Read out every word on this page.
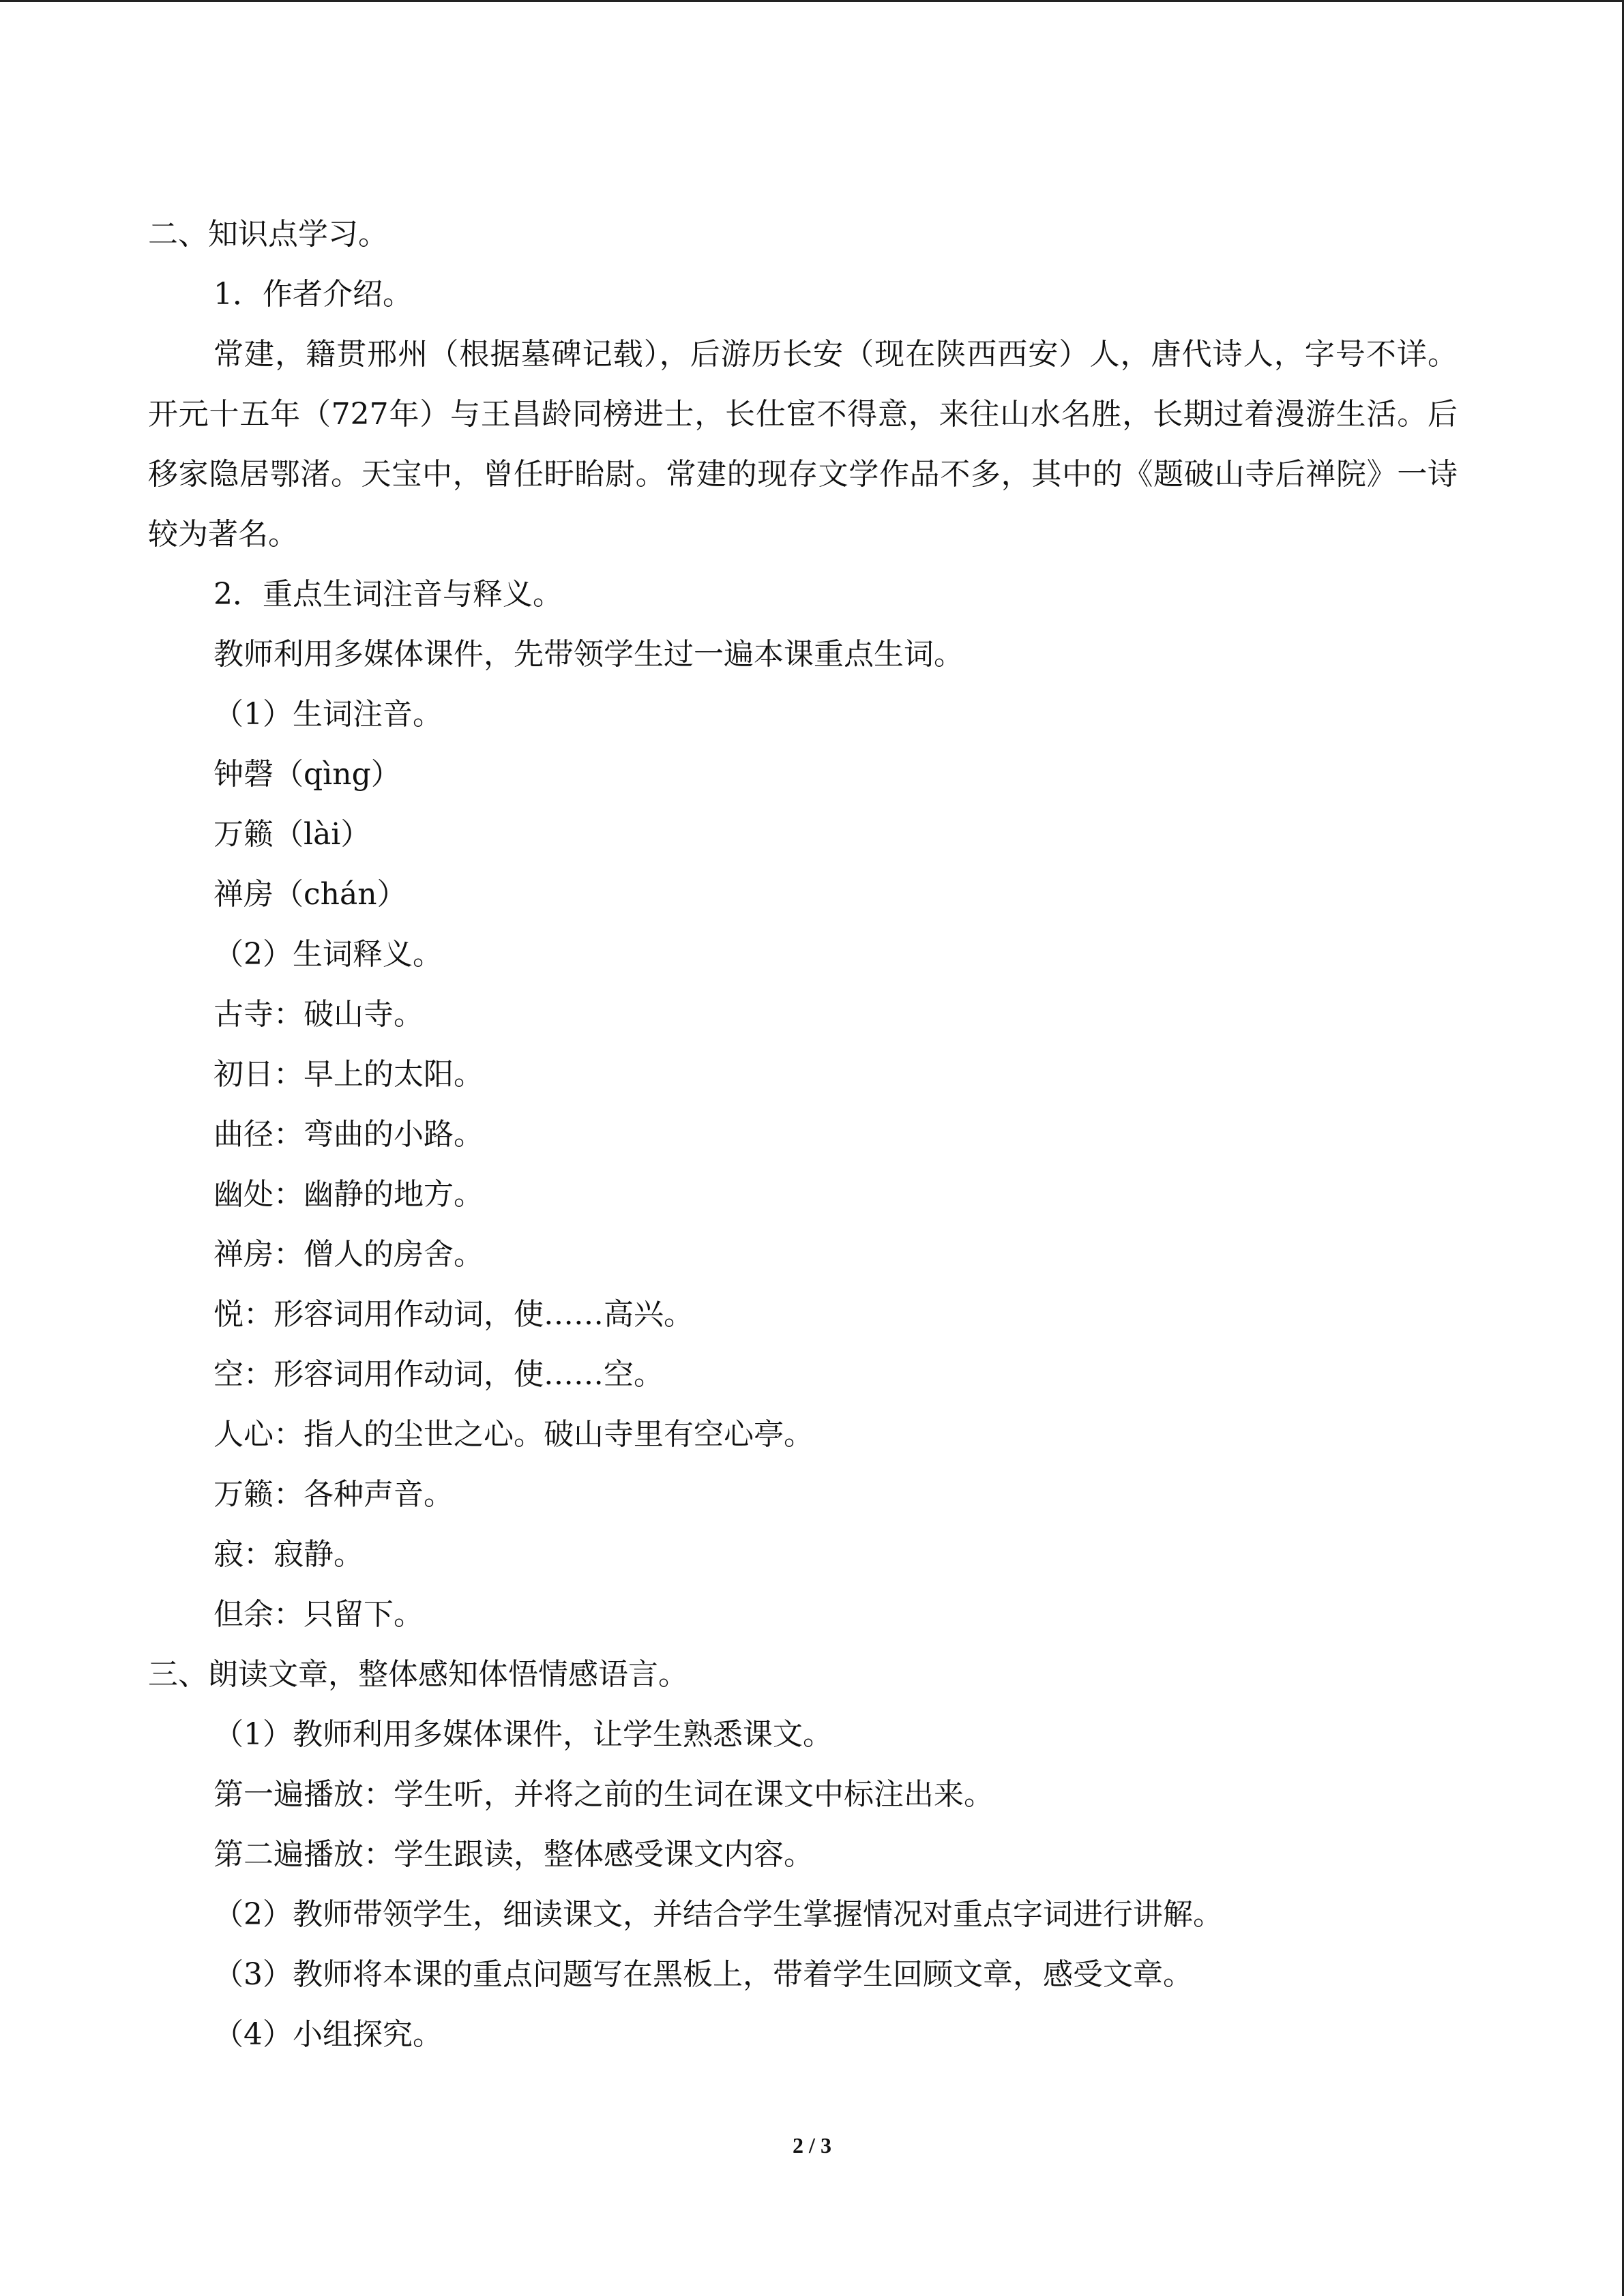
二、知识点学习。

1．作者介绍。

常建，籍贯邢州（根据墓碑记载），后游历长安（现在陕西西安）人，唐代诗人，字号不详。开元十五年（727年）与王昌龄同榜进士，长仕宦不得意，来往山水名胜，长期过着漫游生活。后移家隐居鄂渚。天宝中，曾任盱眙尉。常建的现存文学作品不多，其中的《题破山寺后禅院》一诗较为著名。

2．重点生词注音与释义。

教师利用多媒体课件，先带领学生过一遍本课重点生词。

（1）生词注音。

钟磬（qìng）

万籁（lài）

禅房（chán）

（2）生词释义。

古寺：破山寺。

初日：早上的太阳。

曲径：弯曲的小路。

幽处：幽静的地方。

禅房：僧人的房舍。

悦：形容词用作动词，使……高兴。

空：形容词用作动词，使……空。

人心：指人的尘世之心。破山寺里有空心亭。

万籁：各种声音。

寂：寂静。

但余：只留下。

三、朗读文章，整体感知体悟情感语言。

（1）教师利用多媒体课件，让学生熟悉课文。

第一遍播放：学生听，并将之前的生词在课文中标注出来。

第二遍播放：学生跟读，整体感受课文内容。

（2）教师带领学生，细读课文，并结合学生掌握情况对重点字词进行讲解。

（3）教师将本课的重点问题写在黑板上，带着学生回顾文章，感受文章。

（4）小组探究。

2 / 3
